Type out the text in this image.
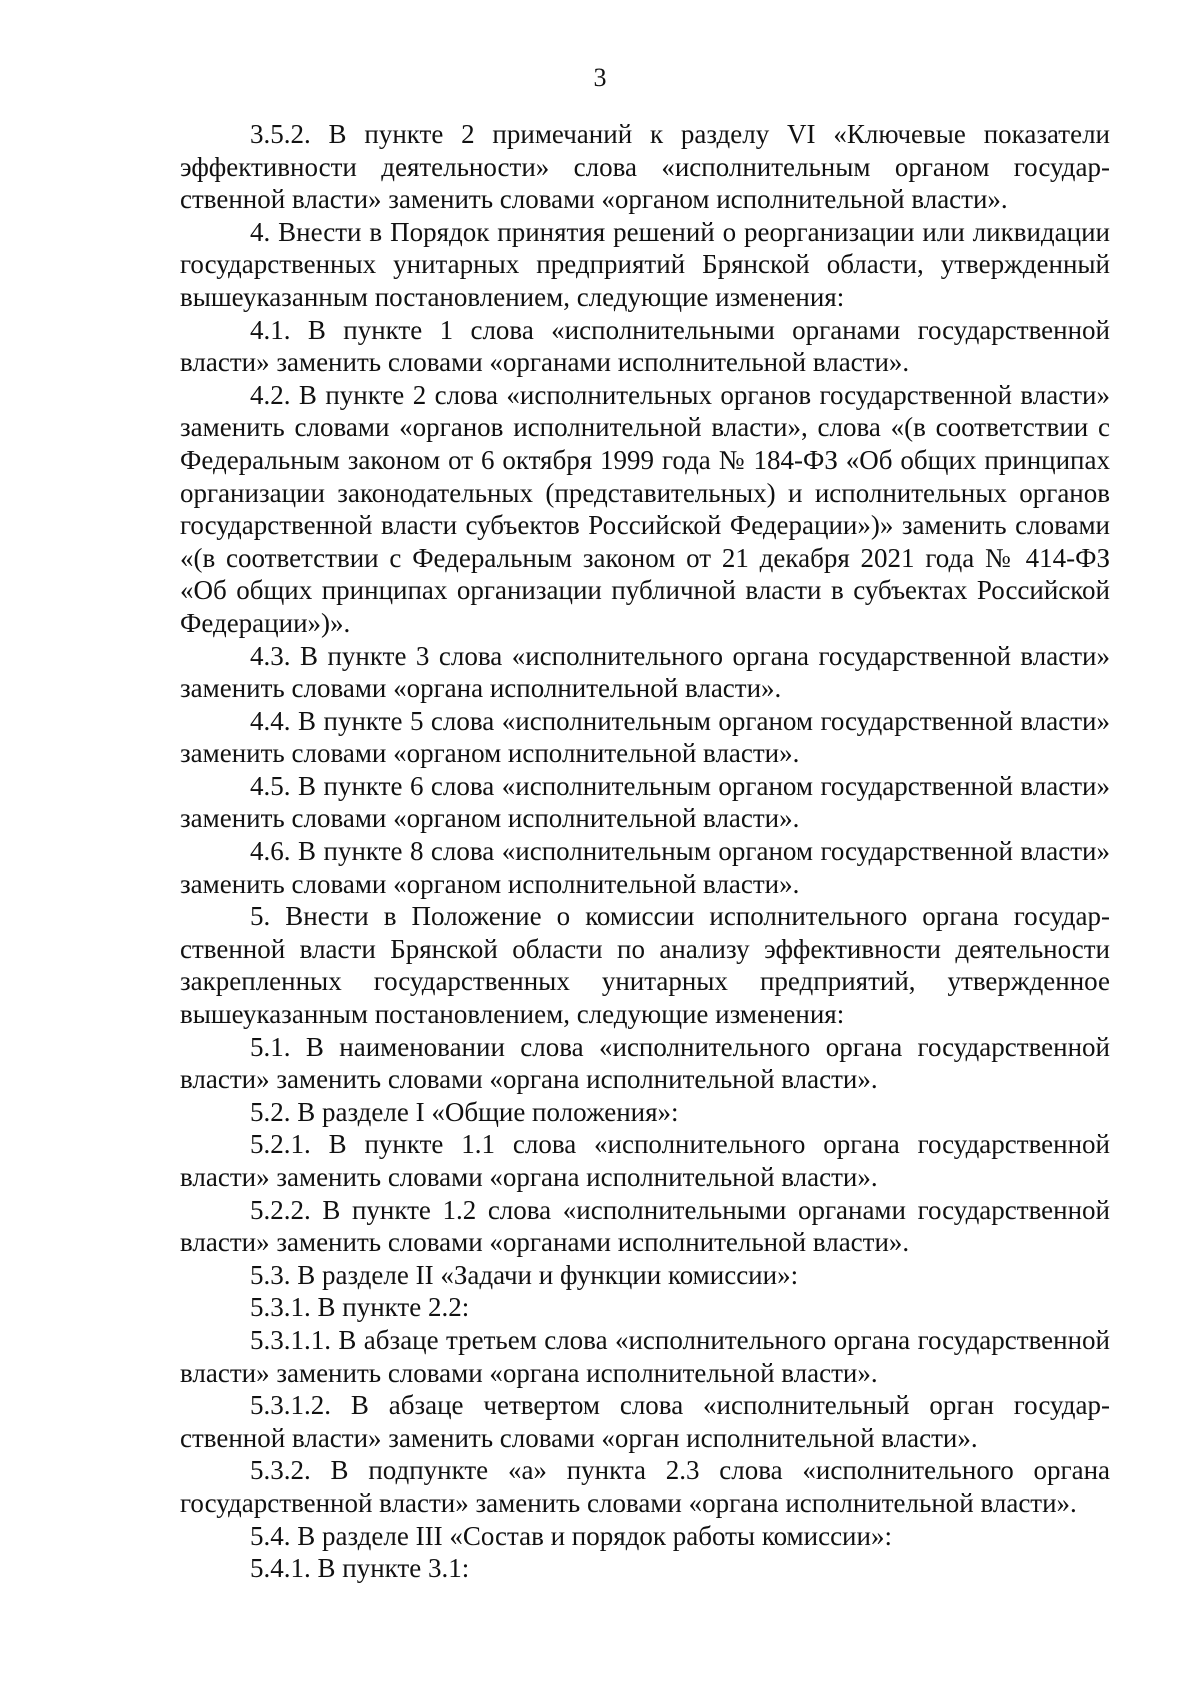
3

3.5.2. В пункте 2 примечаний к разделу VI «Ключевые показатели эффективности деятельности» слова «исполнительным органом государственной власти» заменить словами «органом исполнительной власти».

4. Внести в Порядок принятия решений о реорганизации или ликвидации государственных унитарных предприятий Брянской области, утвержденный вышеуказанным постановлением, следующие изменения:

4.1. В пункте 1 слова «исполнительными органами государственной власти» заменить словами «органами исполнительной власти».

4.2. В пункте 2 слова «исполнительных органов государственной власти» заменить словами «органов исполнительной власти», слова «(в соответствии с Федеральным законом от 6 октября 1999 года № 184-ФЗ «Об общих принципах организации законодательных (представительных) и исполнительных органов государственной власти субъектов Российской Федерации»)» заменить словами «(в соответствии с Федеральным законом от 21 декабря 2021 года № 414-ФЗ «Об общих принципах организации публичной власти в субъектах Российской Федерации»)».

4.3. В пункте 3 слова «исполнительного органа государственной власти» заменить словами «органа исполнительной власти».

4.4. В пункте 5 слова «исполнительным органом государственной власти» заменить словами «органом исполнительной власти».

4.5. В пункте 6 слова «исполнительным органом государственной власти» заменить словами «органом исполнительной власти».

4.6. В пункте 8 слова «исполнительным органом государственной власти» заменить словами «органом исполнительной власти».

5. Внести в Положение о комиссии исполнительного органа государственной власти Брянской области по анализу эффективности деятельности закрепленных государственных унитарных предприятий, утвержденное вышеуказанным постановлением, следующие изменения:

5.1. В наименовании слова «исполнительного органа государственной власти» заменить словами «органа исполнительной власти».

5.2. В разделе I «Общие положения»:

5.2.1. В пункте 1.1 слова «исполнительного органа государственной власти» заменить словами «органа исполнительной власти».

5.2.2. В пункте 1.2 слова «исполнительными органами государственной власти» заменить словами «органами исполнительной власти».

5.3. В разделе II «Задачи и функции комиссии»:

5.3.1. В пункте 2.2:

5.3.1.1. В абзаце третьем слова «исполнительного органа государственной власти» заменить словами «органа исполнительной власти».

5.3.1.2. В абзаце четвертом слова «исполнительный орган государственной власти» заменить словами «орган исполнительной власти».

5.3.2. В подпункте «а» пункта 2.3 слова «исполнительного органа государственной власти» заменить словами «органа исполнительной власти».

5.4. В разделе III «Состав и порядок работы комиссии»:

5.4.1. В пункте 3.1:
